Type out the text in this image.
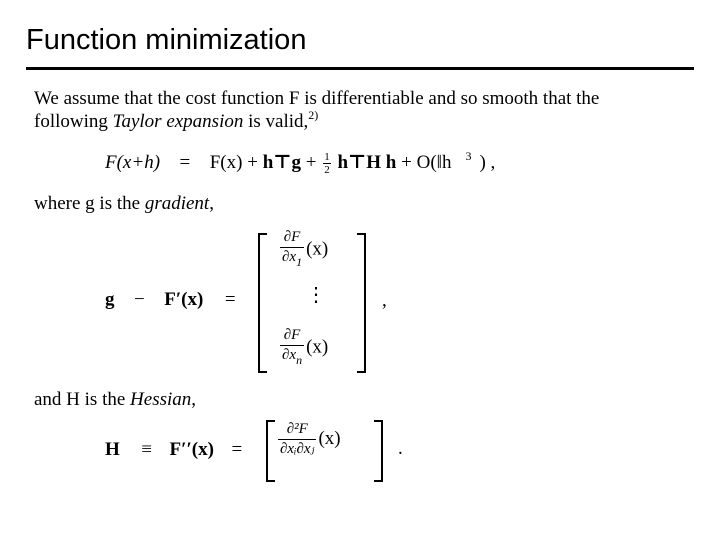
Function minimization
We assume that the cost function F is differentiable and so smooth that the
following Taylor expansion is valid,$^{2)}$
F(x+h) = F(x) + h⊤g + $\frac{1}{2}$ h⊤H h + O(‖h $^3$ ) ,
where g is the gradient,
g − F′(x) =
$\frac{\partial F}{\partial x_1} (x)$
⋮
$\frac{\partial F}{\partial x_n} (x)$
,
and H is the Hessian,
$H \equiv F''(x) = \frac{\text{∂²F}}{\text{∂xᵢ∂xⱼ}} (x)$	.
